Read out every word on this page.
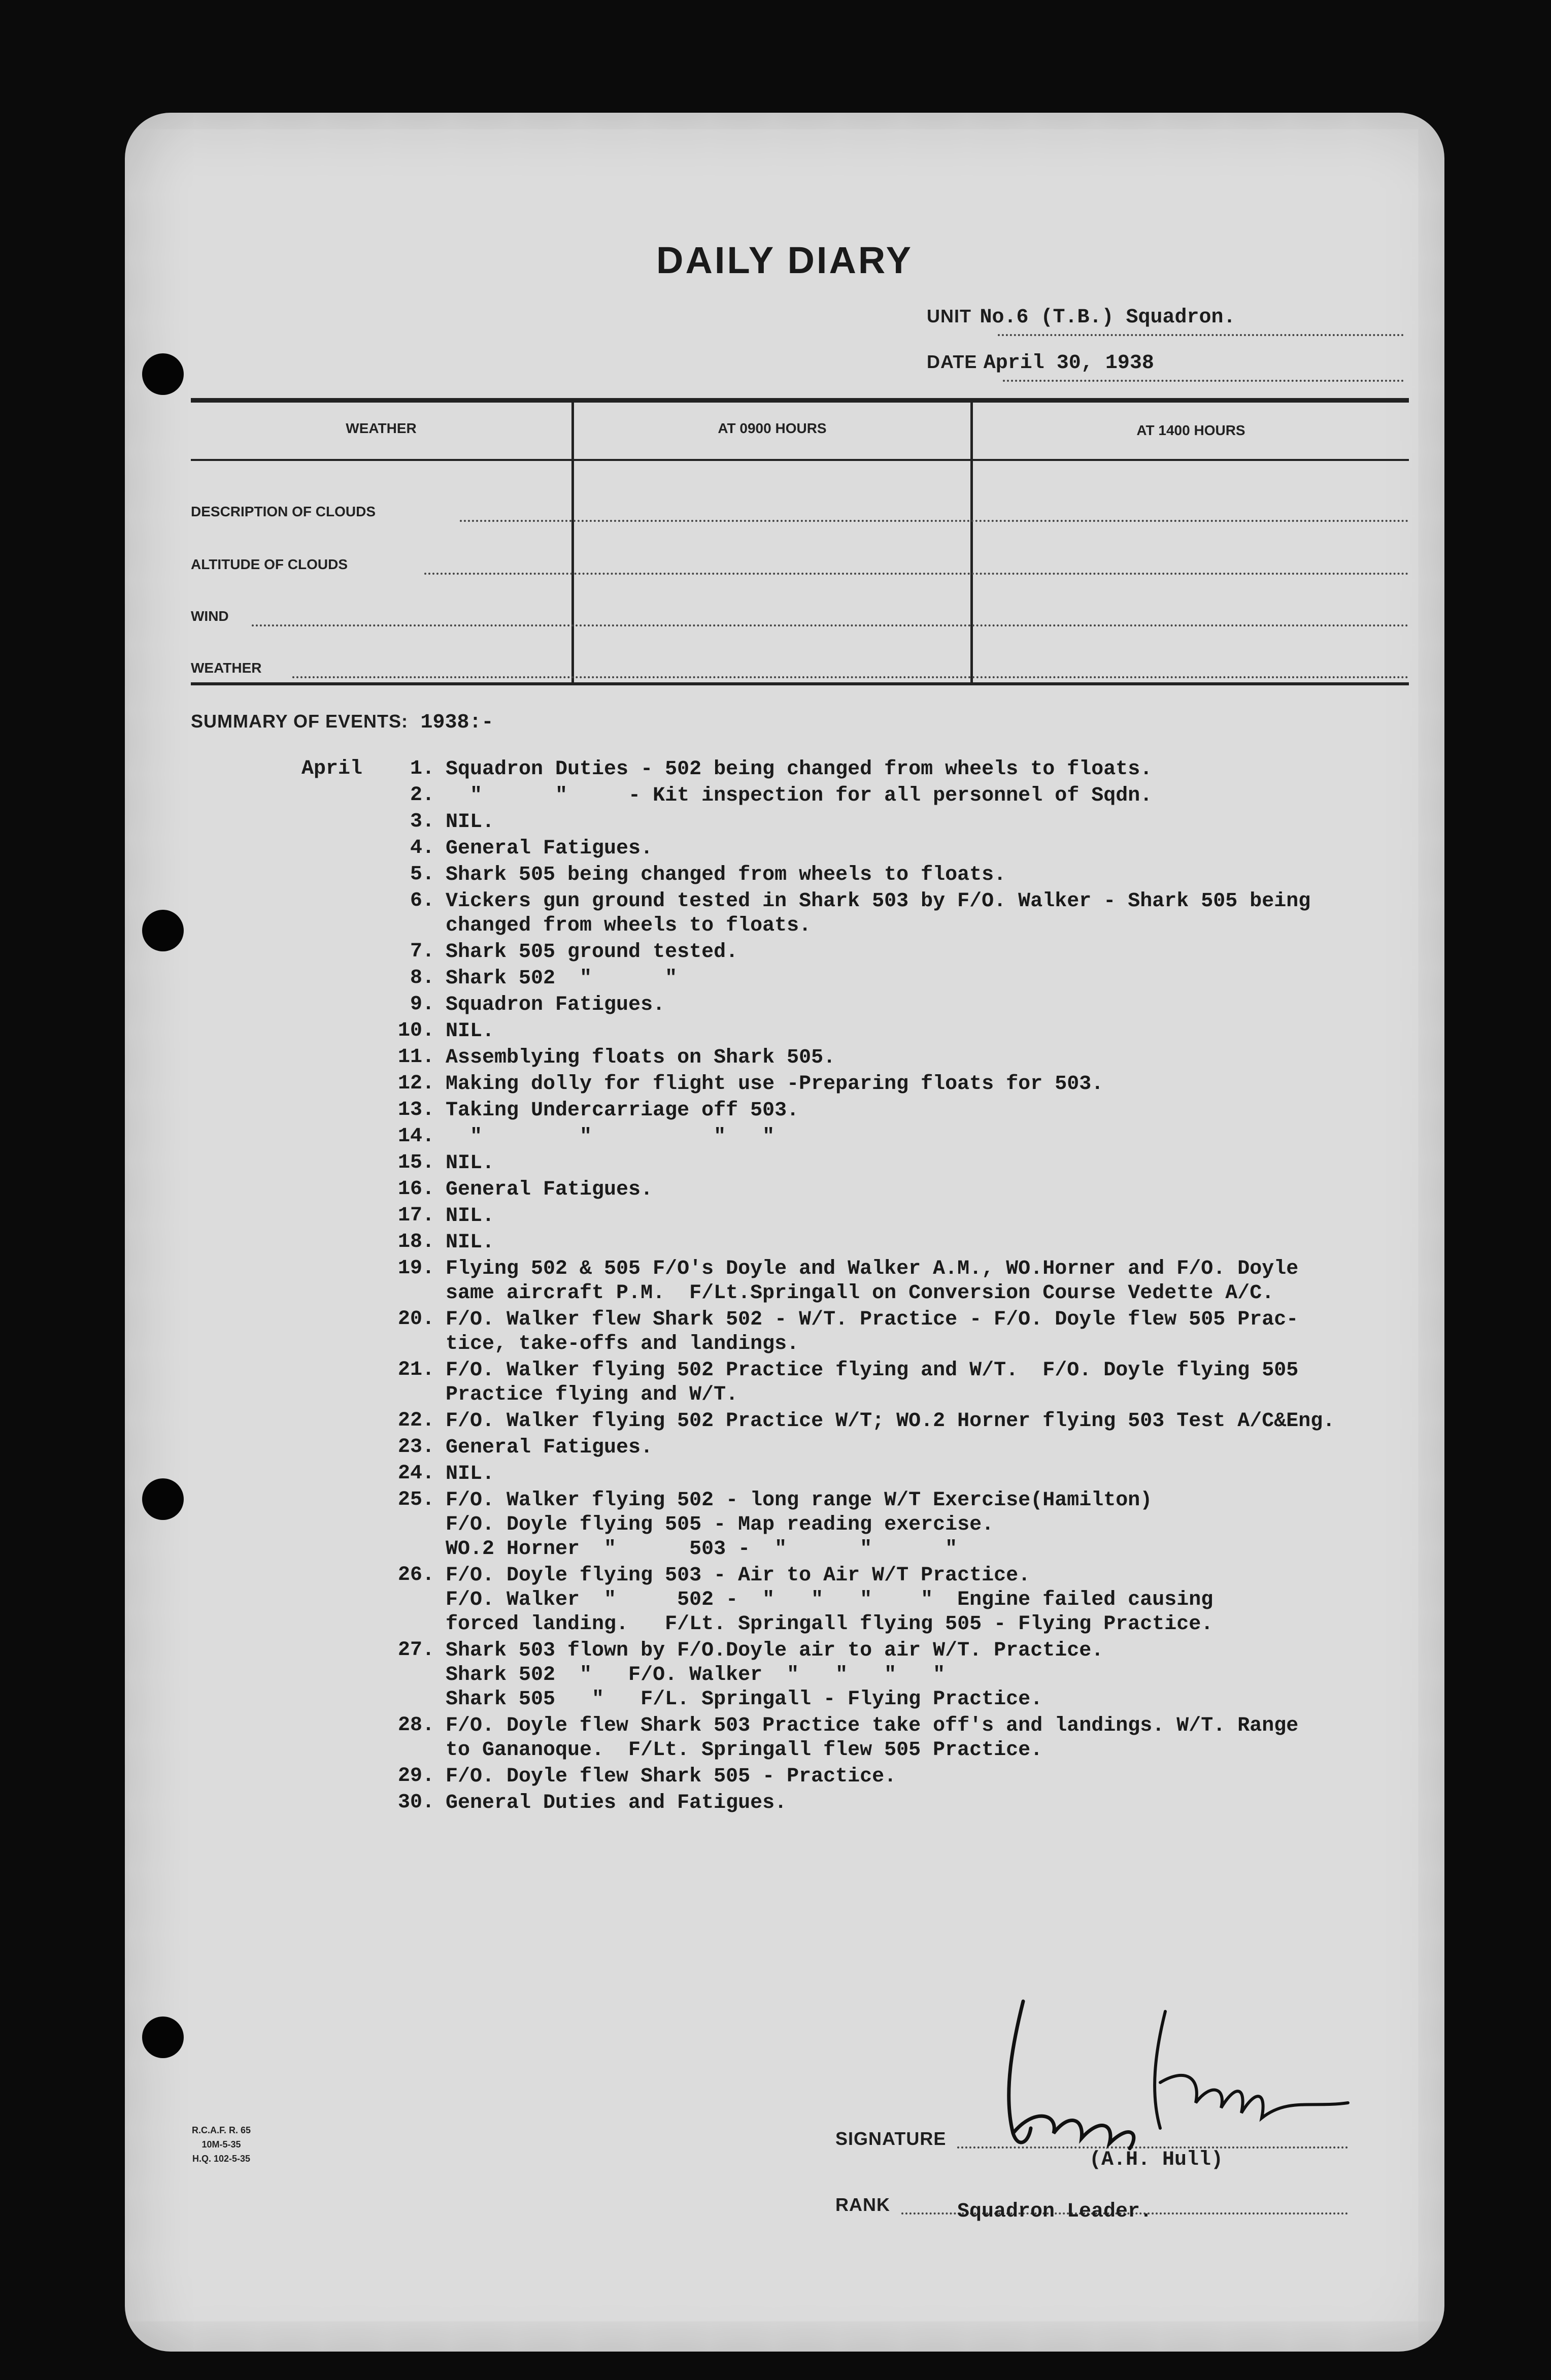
DAILY DIARY
UNIT No.6 (T.B.) Squadron.
DATE April 30, 1938
WEATHER	AT 0900 HOURS	AT 1400 HOURS
DESCRIPTION OF CLOUDS
ALTITUDE OF CLOUDS
WIND
WEATHER
SUMMARY OF EVENTS: 1938:-
April	1. Squadron Duties - 502 being changed from wheels to floats.
2. "      "     - Kit inspection for all personnel of Sqdn.
3. NIL.
4. General Fatigues.
5. Shark 505 being changed from wheels to floats.
6. Vickers gun ground tested in Shark 503 by F/O. Walker - Shark 505 being
changed from wheels to floats.
7. Shark 505 ground tested.
8. Shark 502  "      "
9. Squadron Fatigues.
10. NIL.
11. Assemblying floats on Shark 505.
12. Making dolly for flight use -Preparing floats for 503.
13. Taking Undercarriage off 503.
14. "        "          "   "
15. NIL.
16. General Fatigues.
17. NIL.
18. NIL.
19. Flying 502 & 505 F/O's Doyle and Walker A.M., WO.Horner and F/O. Doyle
same aircraft P.M.  F/Lt.Springall on Conversion Course Vedette A/C.
20. F/O. Walker flew Shark 502 - W/T. Practice - F/O. Doyle flew 505 Prac-
tice, take-offs and landings.
21. F/O. Walker flying 502 Practice flying and W/T.  F/O. Doyle flying 505
Practice flying and W/T.
22. F/O. Walker flying 502 Practice W/T; WO.2 Horner flying 503 Test A/C&Eng.
23. General Fatigues.
24. NIL.
25. F/O. Walker flying 502 - long range W/T Exercise(Hamilton)
F/O. Doyle flying 505 - Map reading exercise.
WO.2 Horner  "      503 -  "      "      "
26. F/O. Doyle flying 503 - Air to Air W/T Practice.
F/O. Walker  "     502 -  "   "   "    "  Engine failed causing
forced landing.   F/Lt. Springall flying 505 - Flying Practice.
27. Shark 503 flown by F/O.Doyle air to air W/T. Practice.
Shark 502  "   F/O. Walker  "   "   "   "
Shark 505   "   F/L. Springall - Flying Practice.
28. F/O. Doyle flew Shark 503 Practice take off's and landings. W/T. Range
to Gananoque.  F/Lt. Springall flew 505 Practice.
29. F/O. Doyle flew Shark 505 - Practice.
30. General Duties and Fatigues.
R.C.A.F. R. 65
10M-5-35
H.Q. 102-5-35
SIGNATURE
(A.H. Hull)
RANK	Squadron Leader.
